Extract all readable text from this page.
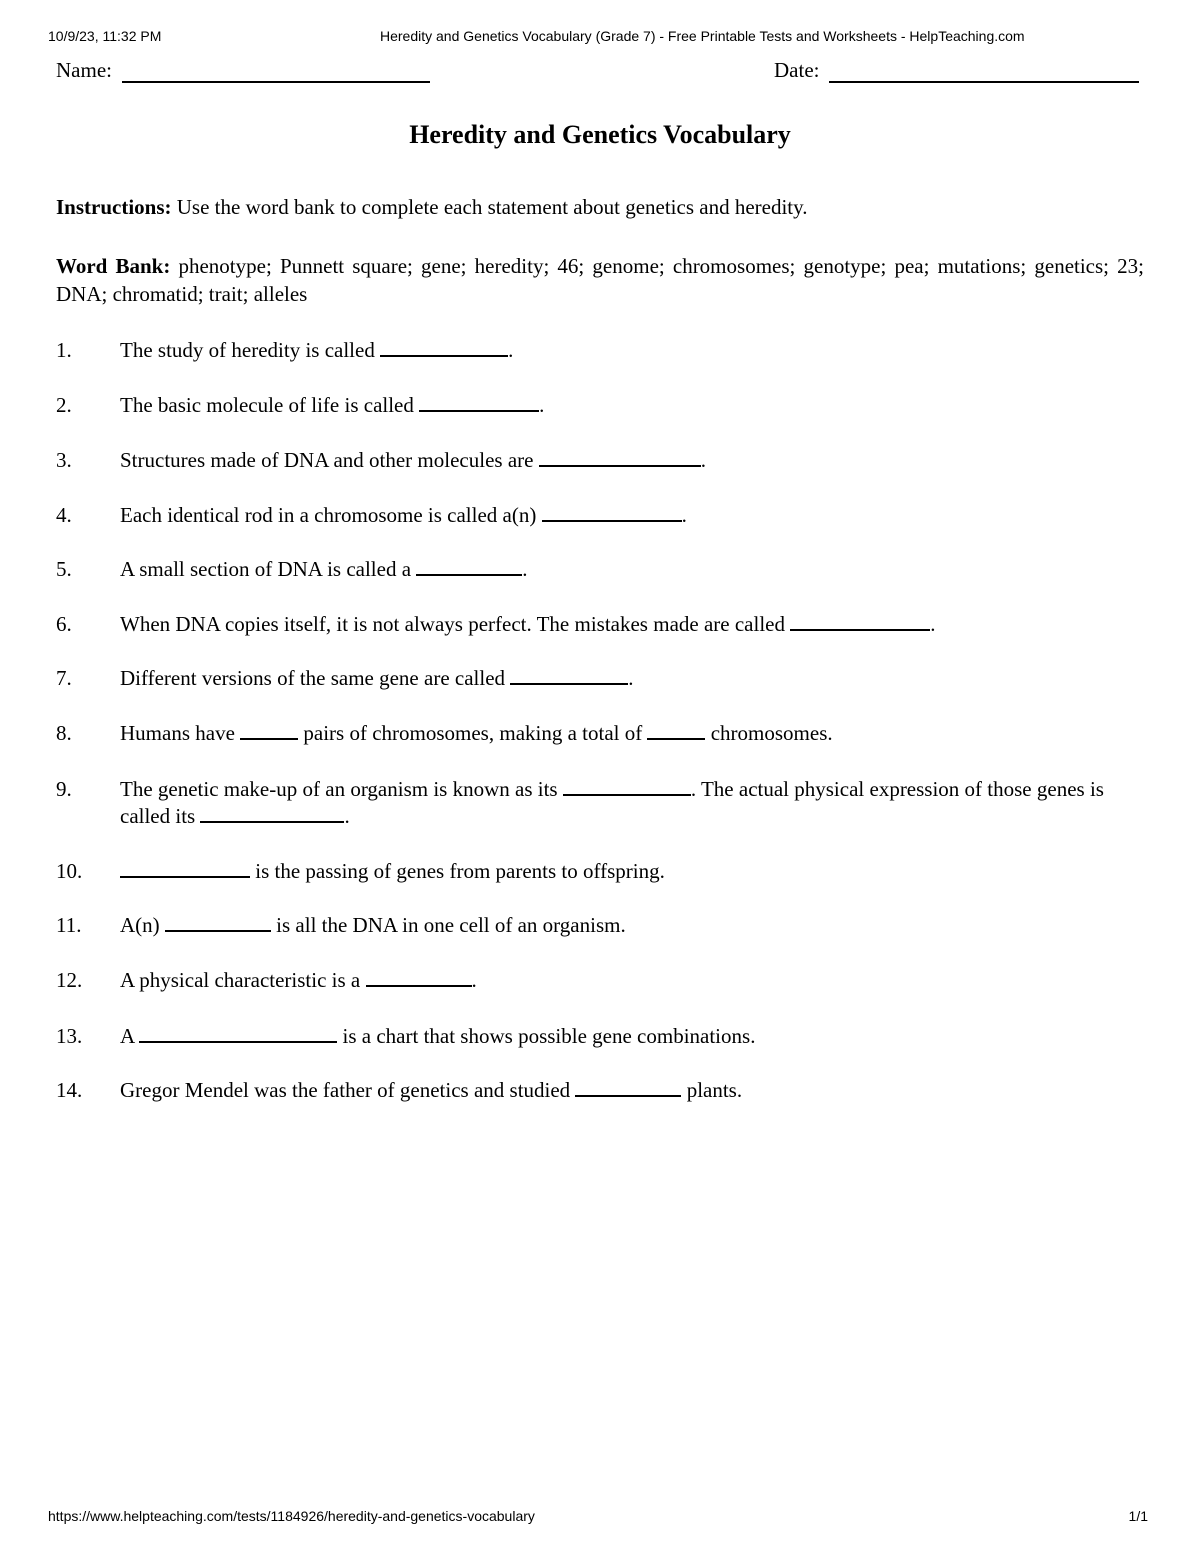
10/9/23, 11:32 PM	Heredity and Genetics Vocabulary (Grade 7) - Free Printable Tests and Worksheets - HelpTeaching.com
Name:	Date:
Heredity and Genetics Vocabulary
Instructions: Use the word bank to complete each statement about genetics and heredity.
Word Bank: phenotype; Punnett square; gene; heredity; 46; genome; chromosomes; genotype; pea; mutations; genetics; 23; DNA; chromatid; trait; alleles
1. The study of heredity is called	.
2. The basic molecule of life is called	.
3. Structures made of DNA and other molecules are	.
4. Each identical rod in a chromosome is called a(n)	.
5. A small section of DNA is called a	.
6. When DNA copies itself, it is not always perfect. The mistakes made are called	.
7. Different versions of the same gene are called	.
8. Humans have	pairs of chromosomes, making a total of	chromosomes.
9. The genetic make-up of an organism is known as its	. The actual physical expression of those genes is called its	.
10.	is the passing of genes from parents to offspring.
11. A(n)	is all the DNA in one cell of an organism.
12. A physical characteristic is a	.
13. A	is a chart that shows possible gene combinations.
14. Gregor Mendel was the father of genetics and studied	plants.
https://www.helpteaching.com/tests/1184926/heredity-and-genetics-vocabulary	1/1
